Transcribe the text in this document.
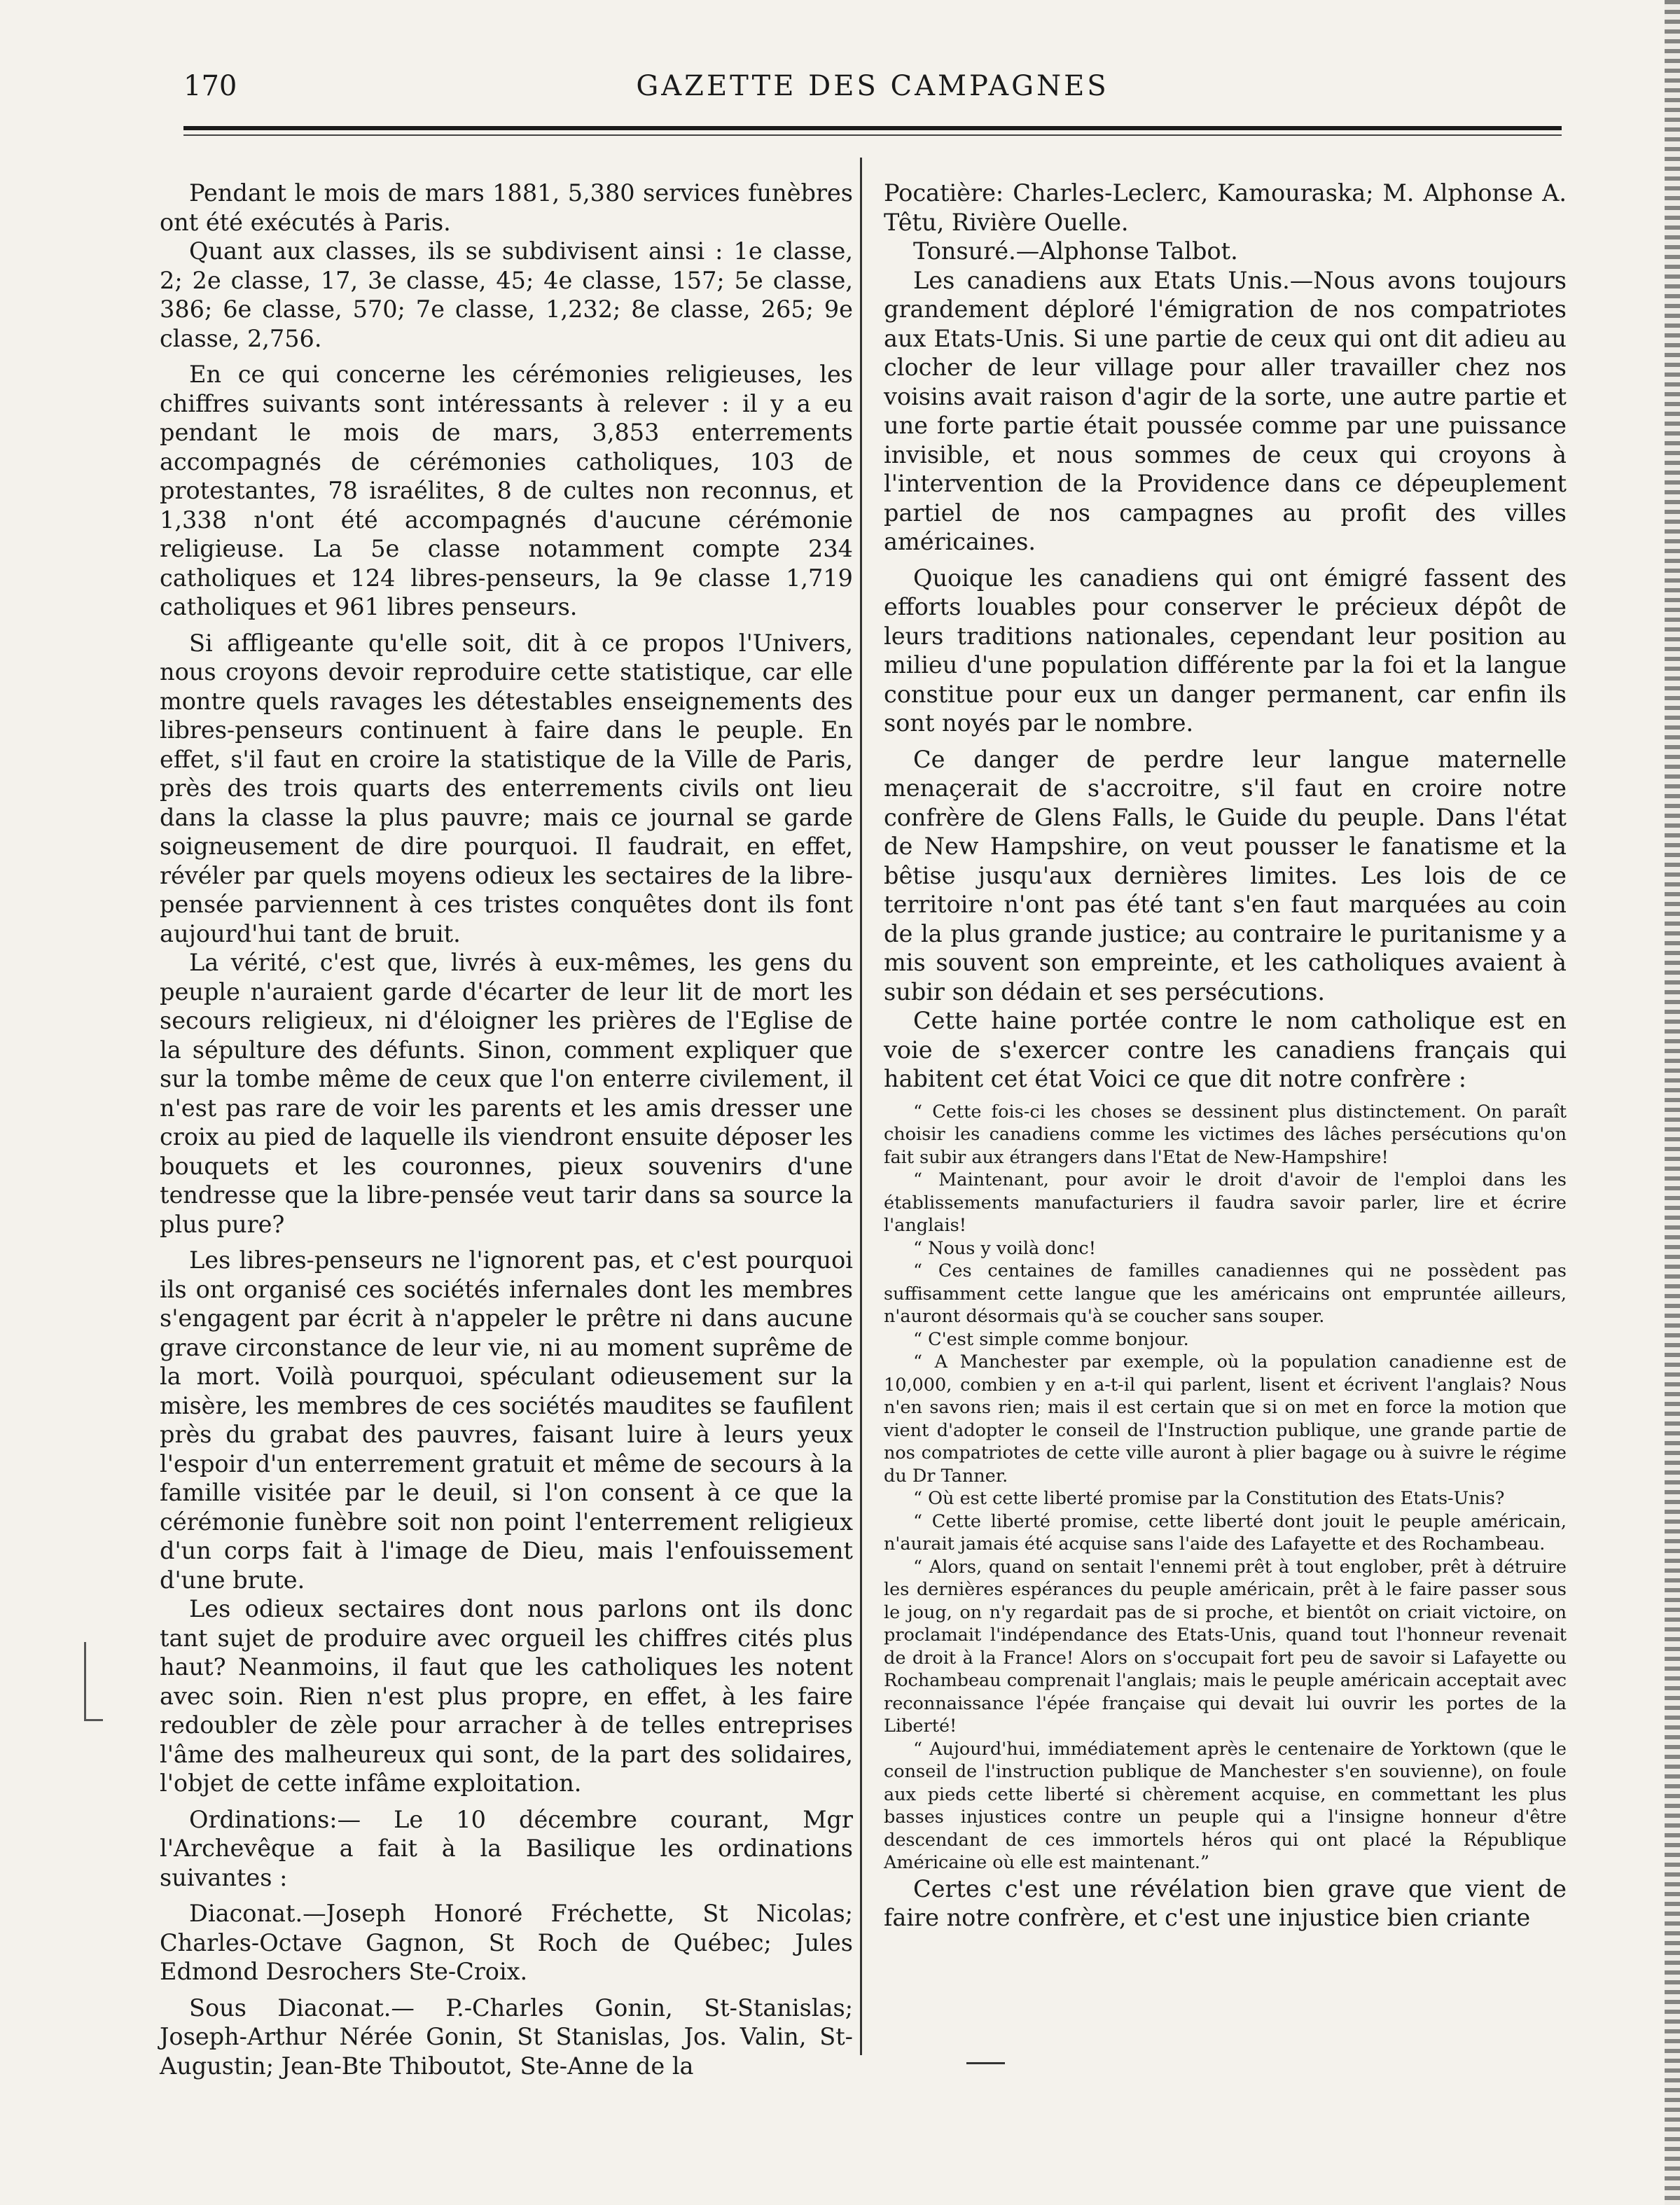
170	GAZETTE DES CAMPAGNES

Pendant le mois de mars 1881, 5,380 services funèbres ont été exécutés à Paris.

Quant aux classes, ils se subdivisent ainsi : 1e classe, 2; 2e classe, 17, 3e classe, 45; 4e classe, 157; 5e classe, 386; 6e classe, 570; 7e classe, 1,232; 8e classe, 265; 9e classe, 2,756.

En ce qui concerne les cérémonies religieuses, les chiffres suivants sont intéressants à relever : il y a eu pendant le mois de mars, 3,853 enterrements accompagnés de cérémonies catholiques, 103 de protestantes, 78 israélites, 8 de cultes non reconnus, et 1,338 n'ont été accompagnés d'aucune cérémonie religieuse. La 5e classe notamment compte 234 catholiques et 124 libres-penseurs, la 9e classe 1,719 catholiques et 961 libres penseurs.

Si affligeante qu'elle soit, dit à ce propos l'Univers, nous croyons devoir reproduire cette statistique, car elle montre quels ravages les détestables enseignements des libres-penseurs continuent à faire dans le peuple. En effet, s'il faut en croire la statistique de la Ville de Paris, près des trois quarts des enterrements civils ont lieu dans la classe la plus pauvre; mais ce journal se garde soigneusement de dire pourquoi. Il faudrait, en effet, révéler par quels moyens odieux les sectaires de la libre-pensée parviennent à ces tristes conquêtes dont ils font aujourd'hui tant de bruit.

La vérité, c'est que, livrés à eux-mêmes, les gens du peuple n'auraient garde d'écarter de leur lit de mort les secours religieux, ni d'éloigner les prières de l'Eglise de la sépulture des défunts. Sinon, comment expliquer que sur la tombe même de ceux que l'on enterre civilement, il n'est pas rare de voir les parents et les amis dresser une croix au pied de laquelle ils viendront ensuite déposer les bouquets et les couronnes, pieux souvenirs d'une tendresse que la libre-pensée veut tarir dans sa source la plus pure?

Les libres-penseurs ne l'ignorent pas, et c'est pourquoi ils ont organisé ces sociétés infernales dont les membres s'engagent par écrit à n'appeler le prêtre ni dans aucune grave circonstance de leur vie, ni au moment suprême de la mort. Voilà pourquoi, spéculant odieusement sur la misère, les membres de ces sociétés maudites se faufilent près du grabat des pauvres, faisant luire à leurs yeux l'espoir d'un enterrement gratuit et même de secours à la famille visitée par le deuil, si l'on consent à ce que la cérémonie funèbre soit non point l'enterrement religieux d'un corps fait à l'image de Dieu, mais l'enfouissement d'une brute.

Les odieux sectaires dont nous parlons ont ils donc tant sujet de produire avec orgueil les chiffres cités plus haut? Neanmoins, il faut que les catholiques les notent avec soin. Rien n'est plus propre, en effet, à les faire redoubler de zèle pour arracher à de telles entreprises l'âme des malheureux qui sont, de la part des solidaires, l'objet de cette infâme exploitation.

Ordinations:— Le 10 décembre courant, Mgr l'Archevêque a fait à la Basilique les ordinations suivantes :

Diaconat.—Joseph Honoré Fréchette, St Nicolas; Charles-Octave Gagnon, St Roch de Québec; Jules Edmond Desrochers Ste-Croix.

Sous Diaconat.— P.-Charles Gonin, St-Stanislas; Joseph-Arthur Nérée Gonin, St Stanislas, Jos. Valin, St-Augustin; Jean-Bte Thiboutot, Ste-Anne de la

Pocatière: Charles-Leclerc, Kamouraska; M. Alphonse A. Têtu, Rivière Ouelle.

Tonsuré.—Alphonse Talbot.

Les canadiens aux Etats Unis.—Nous avons toujours grandement déploré l'émigration de nos compatriotes aux Etats-Unis. Si une partie de ceux qui ont dit adieu au clocher de leur village pour aller travailler chez nos voisins avait raison d'agir de la sorte, une autre partie et une forte partie était poussée comme par une puissance invisible, et nous sommes de ceux qui croyons à l'intervention de la Providence dans ce dépeuplement partiel de nos campagnes au profit des villes américaines.

Quoique les canadiens qui ont émigré fassent des efforts louables pour conserver le précieux dépôt de leurs traditions nationales, cependant leur position au milieu d'une population différente par la foi et la langue constitue pour eux un danger permanent, car enfin ils sont noyés par le nombre.

Ce danger de perdre leur langue maternelle menaçerait de s'accroitre, s'il faut en croire notre confrère de Glens Falls, le Guide du peuple. Dans l'état de New Hampshire, on veut pousser le fanatisme et la bêtise jusqu'aux dernières limites. Les lois de ce territoire n'ont pas été tant s'en faut marquées au coin de la plus grande justice; au contraire le puritanisme y a mis souvent son empreinte, et les catholiques avaient à subir son dédain et ses persécutions.

Cette haine portée contre le nom catholique est en voie de s'exercer contre les canadiens français qui habitent cet état Voici ce que dit notre confrère :

“ Cette fois-ci les choses se dessinent plus distinctement. On paraît choisir les canadiens comme les victimes des lâches persécutions qu'on fait subir aux étrangers dans l'Etat de New-Hampshire!

“ Maintenant, pour avoir le droit d'avoir de l'emploi dans les établissements manufacturiers il faudra savoir parler, lire et écrire l'anglais!

“ Nous y voilà donc!

“ Ces centaines de familles canadiennes qui ne possèdent pas suffisamment cette langue que les américains ont empruntée ailleurs, n'auront désormais qu'à se coucher sans souper.

“ C'est simple comme bonjour.

“ A Manchester par exemple, où la population canadienne est de 10,000, combien y en a-t-il qui parlent, lisent et écrivent l'anglais? Nous n'en savons rien; mais il est certain que si on met en force la motion que vient d'adopter le conseil de l'Instruction publique, une grande partie de nos compatriotes de cette ville auront à plier bagage ou à suivre le régime du Dr Tanner.

“ Où est cette liberté promise par la Constitution des Etats-Unis?

“ Cette liberté promise, cette liberté dont jouit le peuple américain, n'aurait jamais été acquise sans l'aide des Lafayette et des Rochambeau.

“ Alors, quand on sentait l'ennemi prêt à tout englober, prêt à détruire les dernières espérances du peuple américain, prêt à le faire passer sous le joug, on n'y regardait pas de si proche, et bientôt on criait victoire, on proclamait l'indépendance des Etats-Unis, quand tout l'honneur revenait de droit à la France! Alors on s'occupait fort peu de savoir si Lafayette ou Rochambeau comprenait l'anglais; mais le peuple américain acceptait avec reconnaissance l'épée française qui devait lui ouvrir les portes de la Liberté!

“ Aujourd'hui, immédiatement après le centenaire de Yorktown (que le conseil de l'instruction publique de Manchester s'en souvienne), on foule aux pieds cette liberté si chèrement acquise, en commettant les plus basses injustices contre un peuple qui a l'insigne honneur d'être descendant de ces immortels héros qui ont placé la République Américaine où elle est maintenant.”

Certes c'est une révélation bien grave que vient de faire notre confrère, et c'est une injustice bien criante
